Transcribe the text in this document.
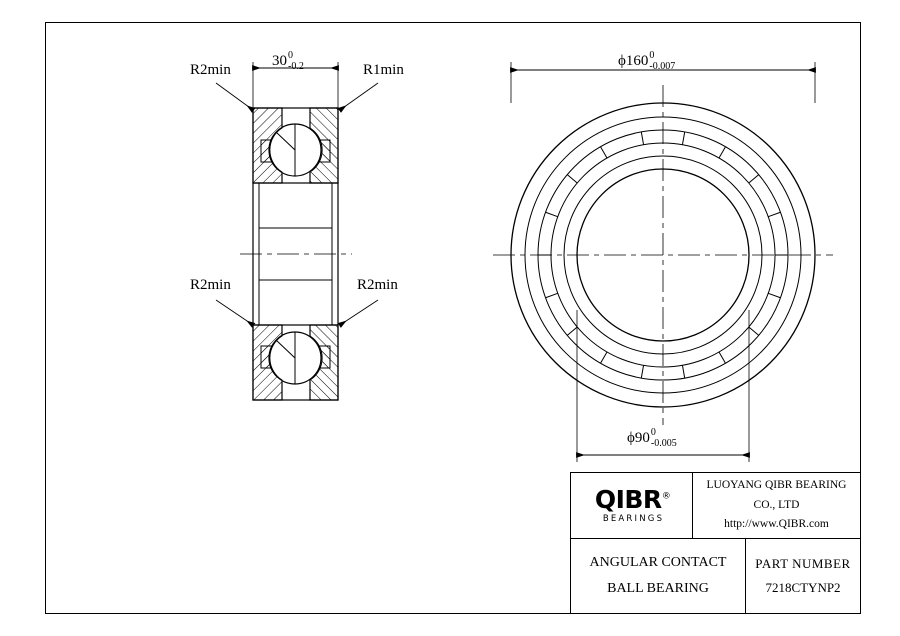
30 0
-0.2
R2min	R1min
R2min	R2min
ϕ160 0
-0.007
ϕ90 0
-0.005
QIBR®
BEARINGS
LUOYANG QIBR BEARING CO., LTD
http://www.QIBR.com
ANGULAR CONTACT
BALL BEARING
PART NUMBER
7218CTYNP2
